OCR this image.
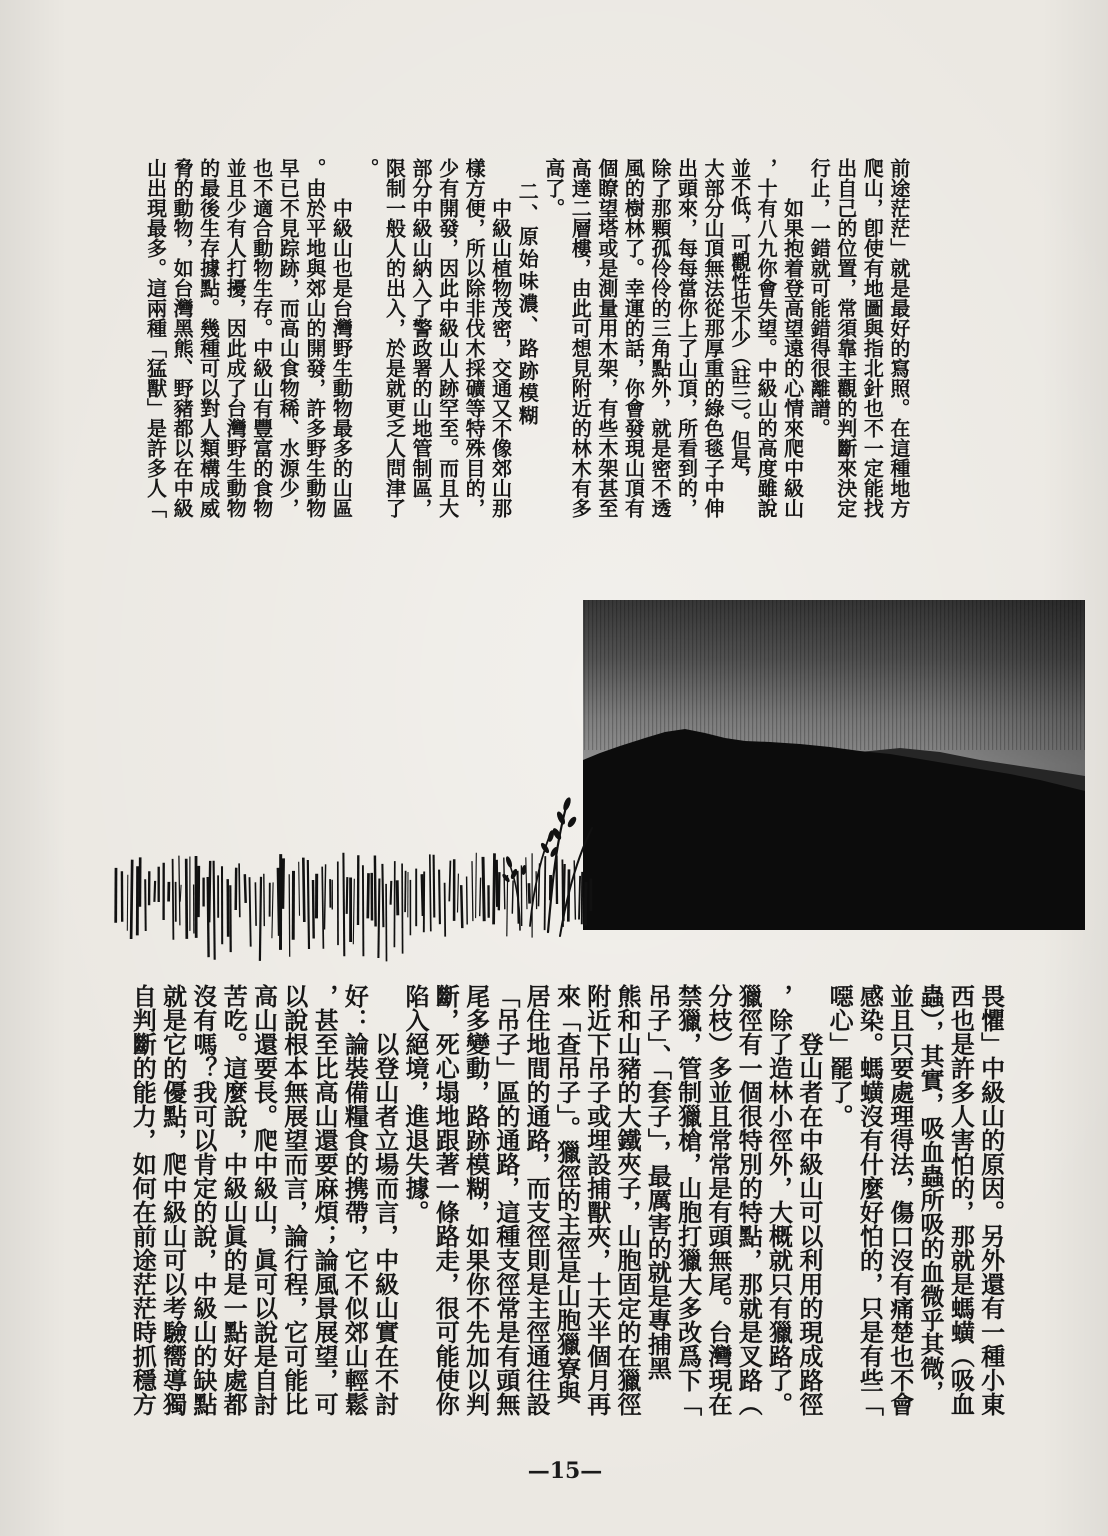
前途茫茫」就是最好的寫照。在這種地方
爬山，卽使有地圖與指北針也不一定能找
出自己的位置，常須靠主觀的判斷來決定
行止，一錯就可能錯得很離譜。
如果抱着登高望遠的心情來爬中級山
，十有八九你會失望。中級山的高度雖說
並不低，可觀性也不少（註三）。但是，
大部分山頂無法從那厚重的綠色毯子中伸
出頭來，每每當你上了山頂，所看到的，
除了那顆孤伶伶的三角點外，就是密不透
風的樹林了。幸運的話，你會發現山頂有
個瞭望塔或是測量用木架，有些木架甚至
高達二層樓，由此可想見附近的林木有多
高了。
二、原始味濃、路跡模糊
中級山植物茂密，交通又不像郊山那
樣方便，所以除非伐木採礦等特殊目的，
少有開發，因此中級山人跡罕至。而且大
部分中級山納入了警政署的山地管制區，
限制一般人的出入，於是就更乏人問津了
。
中級山也是台灣野生動物最多的山區
。由於平地與郊山的開發，許多野生動物
早已不見踪跡，而高山食物稀、水源少，
也不適合動物生存。中級山有豐富的食物
並且少有人打擾，因此成了台灣野生動物
的最後生存據點。幾種可以對人類構成威
脅的動物，如台灣黑熊、野豬都以在中級
山出現最多。這兩種「猛獸」是許多人「
畏懼」中級山的原因。另外還有一種小東
西也是許多人害怕的，那就是螞蟥（吸血
蟲），其實，吸血蟲所吸的血微乎其微，
並且只要處理得法，傷口沒有痛楚也不會
感染。螞蟥沒有什麼好怕的，只是有些「
噁心」罷了。
登山者在中級山可以利用的現成路徑
，除了造林小徑外，大概就只有獵路了。
獵徑有一個很特別的特點，那就是叉路（
分枝）多並且常常是有頭無尾。台灣現在
禁獵，管制獵槍，山胞打獵大多改爲下「
吊子」、「套子」，最厲害的就是專捕黑
熊和山豬的大鐵夾子，山胞固定的在獵徑
附近下吊子或埋設捕獸夾，十天半個月再
來「查吊子」。獵徑的主徑是山胞獵寮與
居住地間的通路，而支徑則是主徑通往設
「吊子」區的通路，這種支徑常是有頭無
尾多變動，路跡模糊，如果你不先加以判
斷，死心塌地跟著一條路走，很可能使你
陷入絕境，進退失據。
以登山者立場而言，中級山實在不討
好：論裝備糧食的携帶，它不似郊山輕鬆
，甚至比高山還要麻煩；論風景展望，可
以說根本無展望而言，論行程，它可能比
高山還要長。爬中級山，眞可以說是自討
苦吃。這麼說，中級山眞的是一點好處都
沒有嗎？我可以肯定的說，中級山的缺點
就是它的優點，爬中級山可以考驗嚮導獨
自判斷的能力，如何在前途茫茫時抓穩方
—15—
